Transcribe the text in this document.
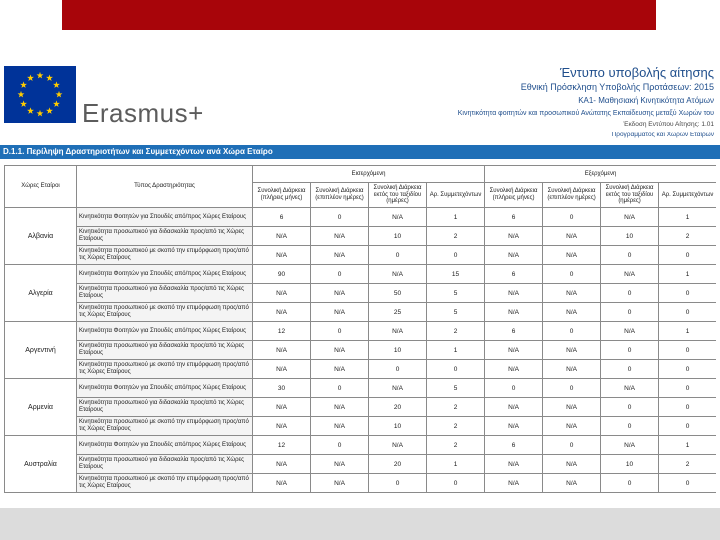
Erasmus+
Έντυπο υποβολής αίτησης
Εθνική Πρόσκληση Υποβολής Προτάσεων: 2015
ΚΑ1- Μαθησιακή Κινητικότητα Ατόμων
Κινητικότητα φοιτητών και προσωπικού Ανώτατης Εκπαίδευσης μεταξύ Χωρών του
Έκδοση Εντύπου Αίτησης: 1.01
Προγράμματος και Χωρών Εταίρων
D.1.1. Περίληψη Δραστηριοτήτων και Συμμετεχόντων ανά Χώρα Εταίρο
Χώρες Εταίροι	Τύπος Δραστηριότητας	Εισερχόμενη				Εξερχόμενη			
		Συνολική Διάρκεια (πλήρεις μήνες)	Συνολική Διάρκεια (επιπλέον ημέρες)	Συνολική Διάρκεια εκτός του ταξιδίου (ημέρες)	Αρ. Συμμετεχόντων	Συνολική Διάρκεια (πλήρεις μήνες)	Συνολική Διάρκεια (επιπλέον ημέρες)	Συνολική Διάρκεια εκτός του ταξιδίου (ημέρες)	Αρ. Συμμετεχόντων
Αλβανία	Κινητικότητα Φοιτητών για Σπουδές από/προς Χώρες Εταίρους	6	0	N/A	1	6	0	N/A	1
	Κινητικότητα προσωπικού για διδασκαλία προς/από τις Χώρες Εταίρους	N/A	N/A	10	2	N/A	N/A	10	2
	Κινητικότητα προσωπικού με σκοπό την επιμόρφωση προς/από τις Χώρες Εταίρους	N/A	N/A	0	0	N/A	N/A	0	0
Αλγερία	Κινητικότητα Φοιτητών για Σπουδές από/προς Χώρες Εταίρους	90	0	N/A	15	6	0	N/A	1
	Κινητικότητα προσωπικού για διδασκαλία προς/από τις Χώρες Εταίρους	N/A	N/A	50	5	N/A	N/A	0	0
	Κινητικότητα προσωπικού με σκοπό την επιμόρφωση προς/από τις Χώρες Εταίρους	N/A	N/A	25	5	N/A	N/A	0	0
Αργεντινή	Κινητικότητα Φοιτητών για Σπουδές από/προς Χώρες Εταίρους	12	0	N/A	2	6	0	N/A	1
	Κινητικότητα προσωπικού για διδασκαλία προς/από τις Χώρες Εταίρους	N/A	N/A	10	1	N/A	N/A	0	0
	Κινητικότητα προσωπικού με σκοπό την επιμόρφωση προς/από τις Χώρες Εταίρους	N/A	N/A	0	0	N/A	N/A	0	0
Αρμενία	Κινητικότητα Φοιτητών για Σπουδές από/προς Χώρες Εταίρους	30	0	N/A	5	0	0	N/A	0
	Κινητικότητα προσωπικού για διδασκαλία προς/από τις Χώρες Εταίρους	N/A	N/A	20	2	N/A	N/A	0	0
	Κινητικότητα προσωπικού με σκοπό την επιμόρφωση προς/από τις Χώρες Εταίρους	N/A	N/A	10	2	N/A	N/A	0	0
Αυστραλία	Κινητικότητα Φοιτητών για Σπουδές από/προς Χώρες Εταίρους	12	0	N/A	2	6	0	N/A	1
	Κινητικότητα προσωπικού για διδασκαλία προς/από τις Χώρες Εταίρους	N/A	N/A	20	1	N/A	N/A	10	2
	Κινητικότητα προσωπικού με σκοπό την επιμόρφωση προς/από τις Χώρες Εταίρους	N/A	N/A	0	0	N/A	N/A	0	0
